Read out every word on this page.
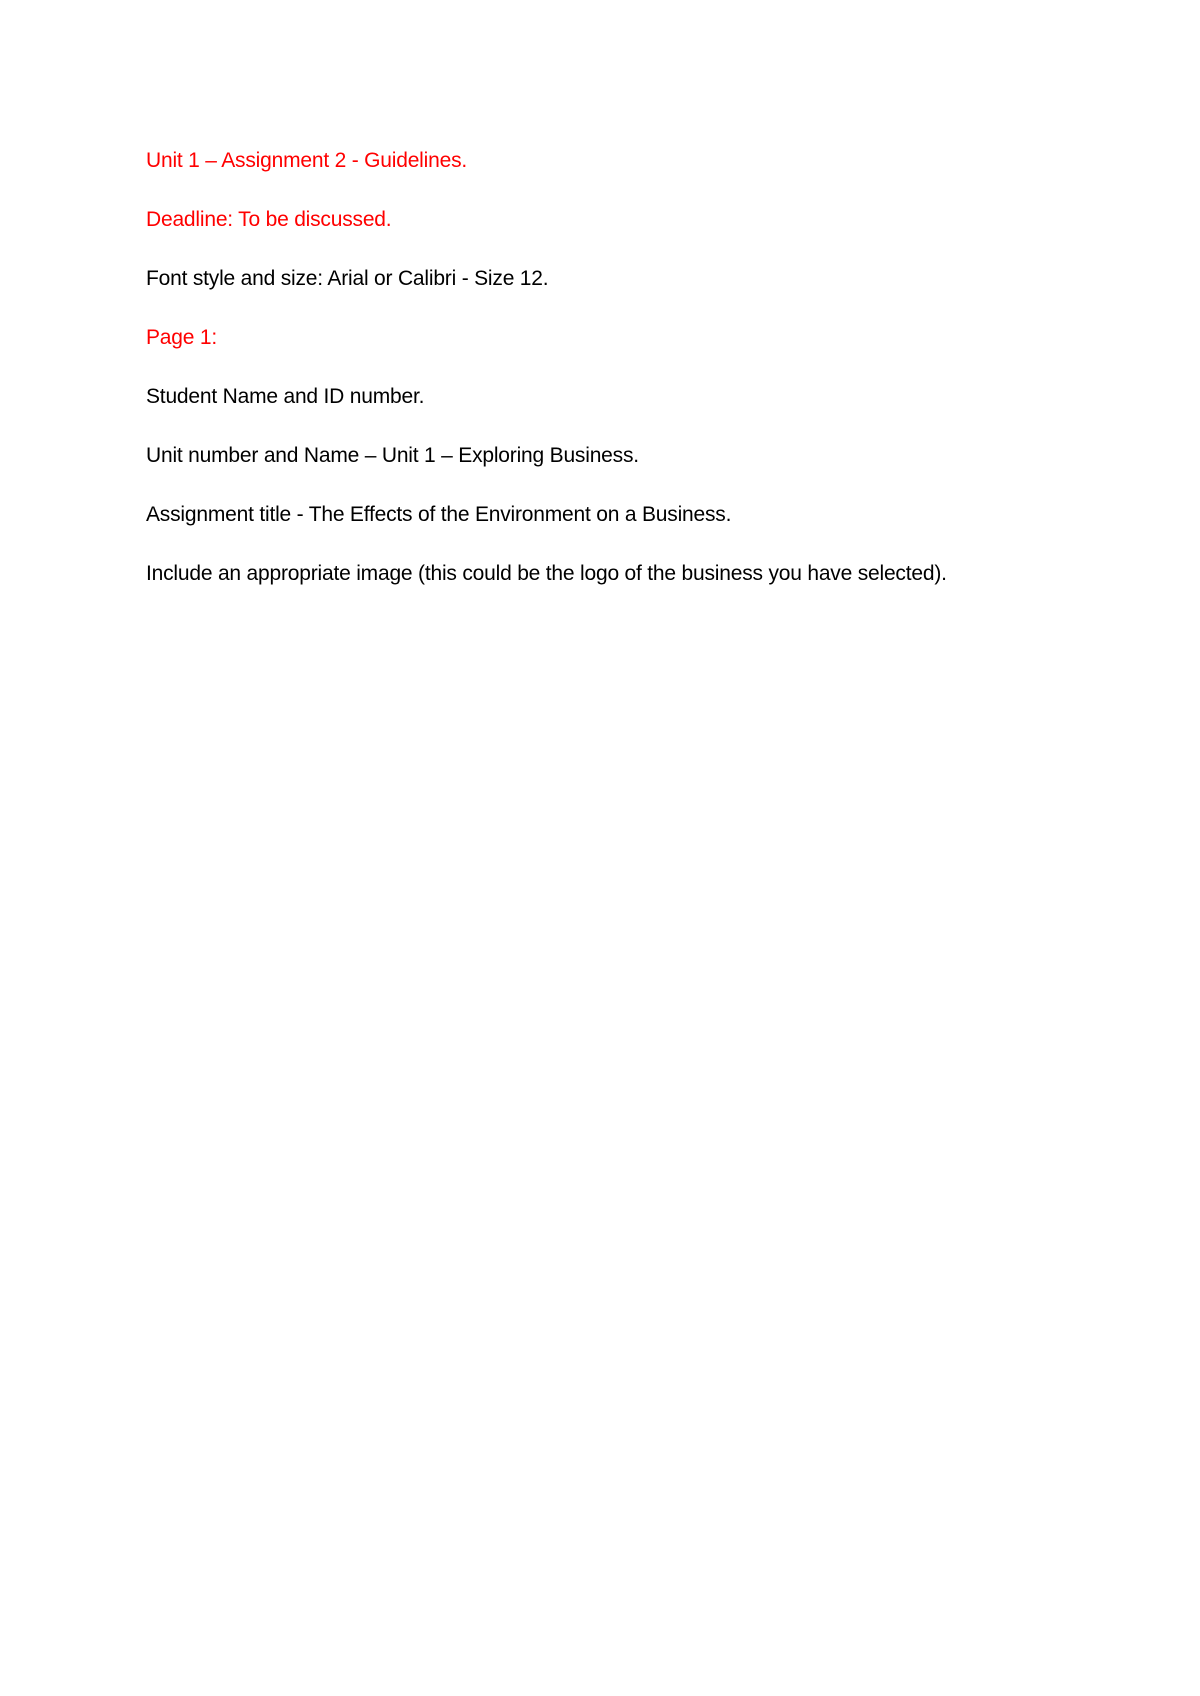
Unit 1 – Assignment 2 - Guidelines.

Deadline: To be discussed.

Font style and size: Arial or Calibri - Size 12.

Page 1:

Student Name and ID number.

Unit number and Name – Unit 1 – Exploring Business.

Assignment title - The Effects of the Environment on a Business.

Include an appropriate image (this could be the logo of the business you have selected).
